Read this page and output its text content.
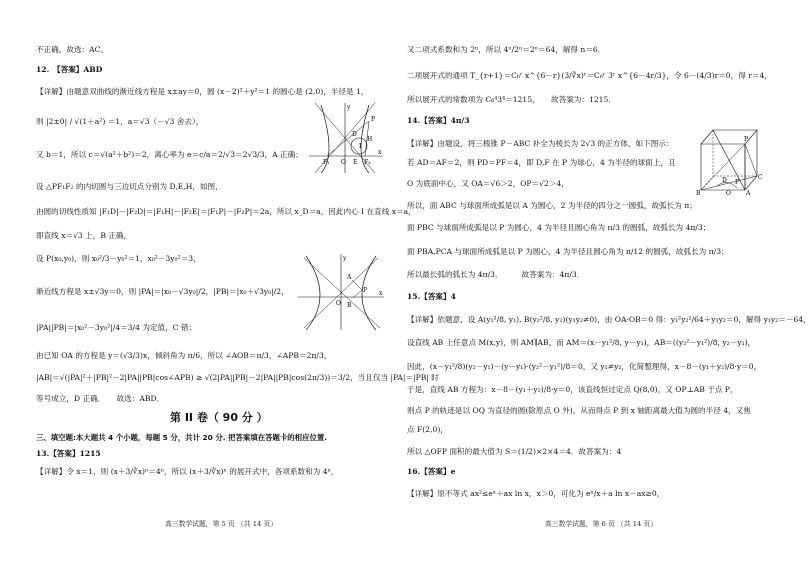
不正确，故选：AC。
12.　【答案】ABD
【详解】由题意双曲线的渐近线方程是 x±ay＝0，圆 (x－2)²＋y²＝1 的圆心是 (2,0)，半径是 1，
则 |2±0| / √(1＋a²) ＝1，a＝√3（－√3 舍去），
又 b＝1，所以 c＝√(a²＋b²)＝2，离心率为 e＝c/a＝2/√3＝2√3/3，A 正确；
设 △PF₁F₂ 的内切圆与三边切点分别为 D,E,H，如图，
由圆的切线性质知 |F₁D|－|F₂D|＝|F₁H|－|F₂E|＝|F₁P|－|F₂P|＝2a，所以 x_D＝a，因此内心 I 在直线 x＝a，
即直线 x＝√3 上，B 正确，
设 P(x₀,y₀)，则 x₀²/3－y₀²＝1，x₀²－3y₀²＝3，
渐近线方程是 x±√3y＝0，则 |PA|＝|x₀－√3y₀|/2，|PB|＝|x₀＋√3y₀|/2，
|PA||PB|＝|x₀²－3y₀²|/4＝3/4 为定值，C 错；
由已知 OA 的方程是 y＝(√3/3)x，倾斜角为 π/6，所以 ∠AOB＝π/3，∠APB＝2π/3，
|AB|＝√(|PA|²＋|PB|²－2|PA||PB|cos∠APB) ≥ √(2|PA||PB|－2|PA||PB|cos(2π/3))＝3/2，当且仅当 |PA|＝|PB| 时
等号成立，D 正确．　　故选：ABD．
第 II 卷（ 90 分 ）
三、填空题:本大题共 4 个小题，每题 5 分，共计 20 分. 把答案填在答题卡的相应位置.
13.【答案】1215
【详解】令 x＝1，则 (x＋3/∛x)ⁿ＝4ⁿ，所以 (x＋3/∛x)ⁿ 的展开式中，各项系数和为 4ⁿ，
y
P
D
H
I
F₁	F₂
O E
x
y
P
A
B
O
x
高三数学试题，第 5 页 （共 14 页）
又二项式系数和为 2ⁿ，所以 4ⁿ/2ⁿ＝2ⁿ＝64，解得 n＝6．
二项展开式的通项 T_{r+1}＝C₆ʳ x^{6－r}(3/∛x)ʳ＝C₆ʳ 3ʳ x^{6－4r/3}，令 6－(4/3)r＝0，得 r＝4，
所以展开式的常数项为 C₆⁴3⁴＝1215，　　故答案为：1215．
14.【答案】4π/3
【详解】由题设，将三棱锥 P－ABC 补全为棱长为 2√3 的正方体，如下图示：
若 AD＝AF＝2，则 PD＝PF＝4，即 D,F 在 P 为球心，4 为半径的球面上，且
O 为底面中心，又 OA＝√6＞2，OP＝√2＞4，
所以，面 ABC 与球面所成弧是以 A 为圆心，2 为半径的四分之一圆弧，故弧长为 π；
面 PBC 与球面所成弧是以 P 为圆心，4 为半径且圆心角为 π/3 的圆弧，故弧长为 4π/3；
面 PBA,PCA 与球面所成弧是以 P 为圆心，4 为半径且圆心角为 π/12 的圆弧，故弧长为 π/3；
所以最长弧的弧长为 4π/3．　　　故答案为：4π/3．
15.【答案】4
【详解】依题意，设 A(y₁²/8, y₁), B(y₂²/8, y₂)(y₁y₂≠0)，由 OA·OB＝0 得：y₁²y₂²/64＋y₁y₂＝0，解得 y₁y₂＝－64，
设直线 AB 上任意点 M(x,y)，则 AM∥AB，而 AM＝(x－y₁²/8, y－y₁)，AB＝((y₂²－y₁²)/8, y₂－y₁)，
因此，(x－y₁²/8)(y₂－y₁)－(y－y₁)·(y₂²－y₁²)/8＝0，又 y₁≠y₂，化简整理得，x－8－(y₁＋y₂)/8·y＝0，
于是，直线 AB 方程为：x－8－(y₁＋y₂)/8·y＝0，该直线恒过定点 Q(8,0)，又 OP⊥AB 于点 P，
则点 P 的轨迹是以 OQ 为直径的圆(除原点 O 外)，从而得点 P 到 x 轴距离最大值为圆的半径 4，又焦
点 F(2,0)，
所以 △OFP 面积的最大值为 S＝(1/2)×2×4＝4．故答案为：4
16.【答案】e
【详解】原不等式 ax²≤eˣ＋ax ln x，x＞0，可化为 eˣ/x＋a ln x－ax≥0，
P
F
D	C
B	O	A
高三数学试题，第 6 页 （共 14 页）
